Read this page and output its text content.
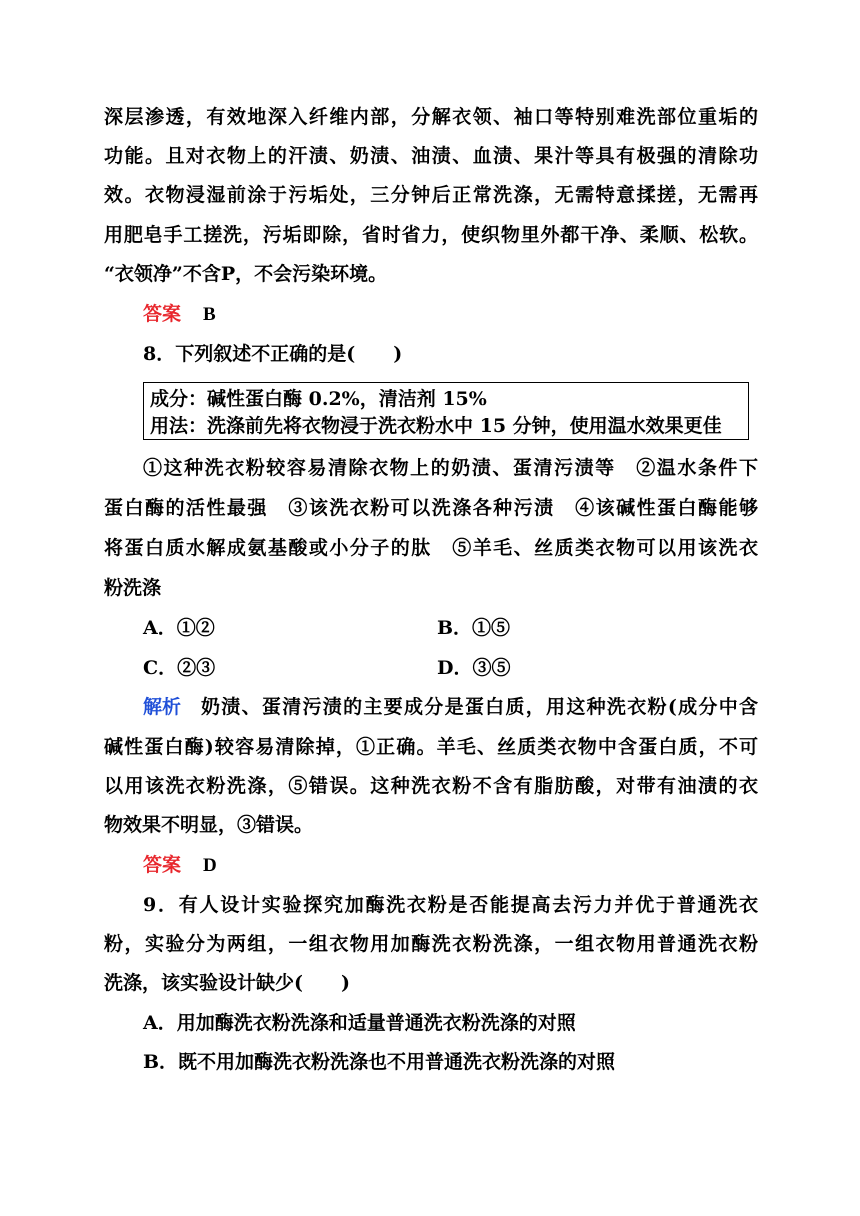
深层渗透，有效地深入纤维内部，分解衣领、袖口等特别难洗部位重垢的
功能。且对衣物上的汗渍、奶渍、油渍、血渍、果汁等具有极强的清除功
效。衣物浸湿前涂于污垢处，三分钟后正常洗涤，无需特意揉搓，无需再
用肥皂手工搓洗，污垢即除，省时省力，使织物里外都干净、柔顺、松软。
“衣领净”不含P，不会污染环境。
答案 B
8．下列叙述不正确的是(　　)
成分：碱性蛋白酶 0.2%，清洁剂 15%
用法：洗涤前先将衣物浸于洗衣粉水中 15 分钟，使用温水效果更佳
①这种洗衣粉较容易清除衣物上的奶渍、蛋清污渍等　②温水条件下
蛋白酶的活性最强　③该洗衣粉可以洗涤各种污渍　④该碱性蛋白酶能够
将蛋白质水解成氨基酸或小分子的肽　⑤羊毛、丝质类衣物可以用该洗衣
粉洗涤
A．①②	B．①⑤
C．②③	D．③⑤
解析 奶渍、蛋清污渍的主要成分是蛋白质，用这种洗衣粉(成分中含
碱性蛋白酶)较容易清除掉，①正确。羊毛、丝质类衣物中含蛋白质，不可
以用该洗衣粉洗涤，⑤错误。这种洗衣粉不含有脂肪酸，对带有油渍的衣
物效果不明显，③错误。
答案 D
9．有人设计实验探究加酶洗衣粉是否能提高去污力并优于普通洗衣
粉，实验分为两组，一组衣物用加酶洗衣粉洗涤，一组衣物用普通洗衣粉
洗涤，该实验设计缺少(　　)
A．用加酶洗衣粉洗涤和适量普通洗衣粉洗涤的对照
B．既不用加酶洗衣粉洗涤也不用普通洗衣粉洗涤的对照
